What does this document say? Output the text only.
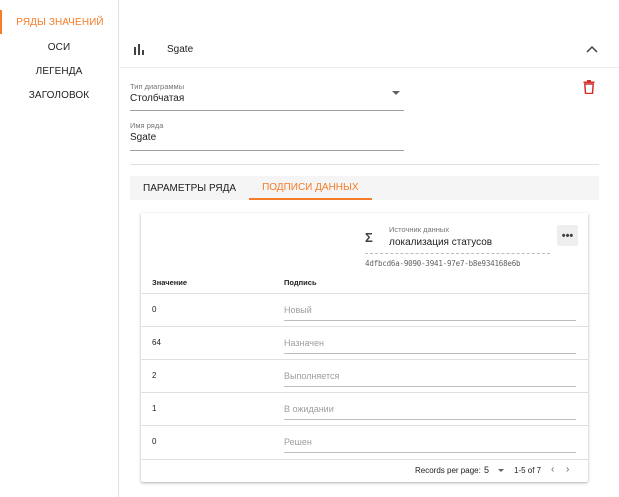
РЯДЫ ЗНАЧЕНИЙ
ОСИ
ЛЕГЕНДА
ЗАГОЛОВОК
Sgate
Тип диаграммы
Столбчатая
Имя ряда
Sgate
ПАРАМЕТРЫ РЯДА	ПОДПИСИ ДАННЫХ
Σ
Источник данных
локализация статусов
4dfbcd6a-9090-3941-97e7-b8e934168e6b
•••
Значение	Подпись
0	Новый
64	Назначен
2	Выполняется
1	В ожидании
0	Решен
Records per page: 5	1-5 of 7 ‹ ›
